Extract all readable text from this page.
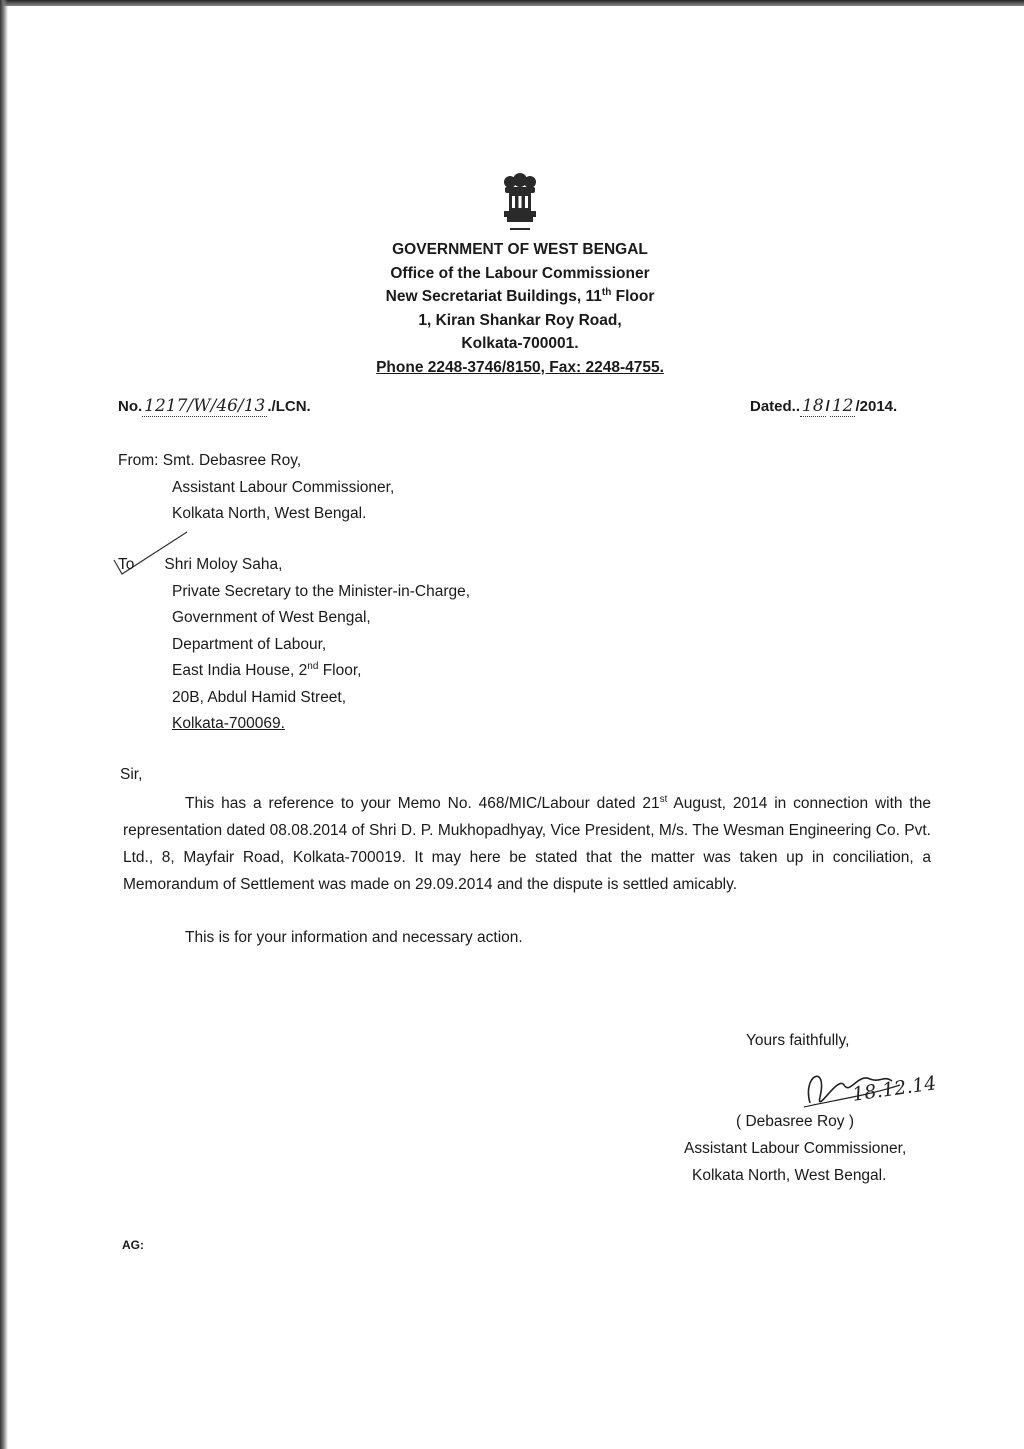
GOVERNMENT OF WEST BENGAL
Office of the Labour Commissioner
New Secretariat Buildings, 11th Floor
1, Kiran Shankar Roy Road,
Kolkata-700001.
Phone 2248-3746/8150, Fax: 2248-4755.
No. 1217/W/46/13 ./LCN.	Dated.. 18 / 12 /2014.
From: Smt. Debasree Roy,
Assistant Labour Commissioner,
Kolkata North, West Bengal.
To Shri Moloy Saha,
Private Secretary to the Minister-in-Charge,
Government of West Bengal,
Department of Labour,
East India House, 2nd Floor,
20B, Abdul Hamid Street,
Kolkata-700069.
Sir,
This has a reference to your Memo No. 468/MIC/Labour dated 21st August, 2014 in connection with the representation dated 08.08.2014 of Shri D. P. Mukhopadhyay, Vice President, M/s. The Wesman Engineering Co. Pvt. Ltd., 8, Mayfair Road, Kolkata-700019. It may here be stated that the matter was taken up in conciliation, a Memorandum of Settlement was made on 29.09.2014 and the dispute is settled amicably.
This is for your information and necessary action.
Yours faithfully,
18.12.14
( Debasree Roy )
Assistant Labour Commissioner,
Kolkata North, West Bengal.
AG:
